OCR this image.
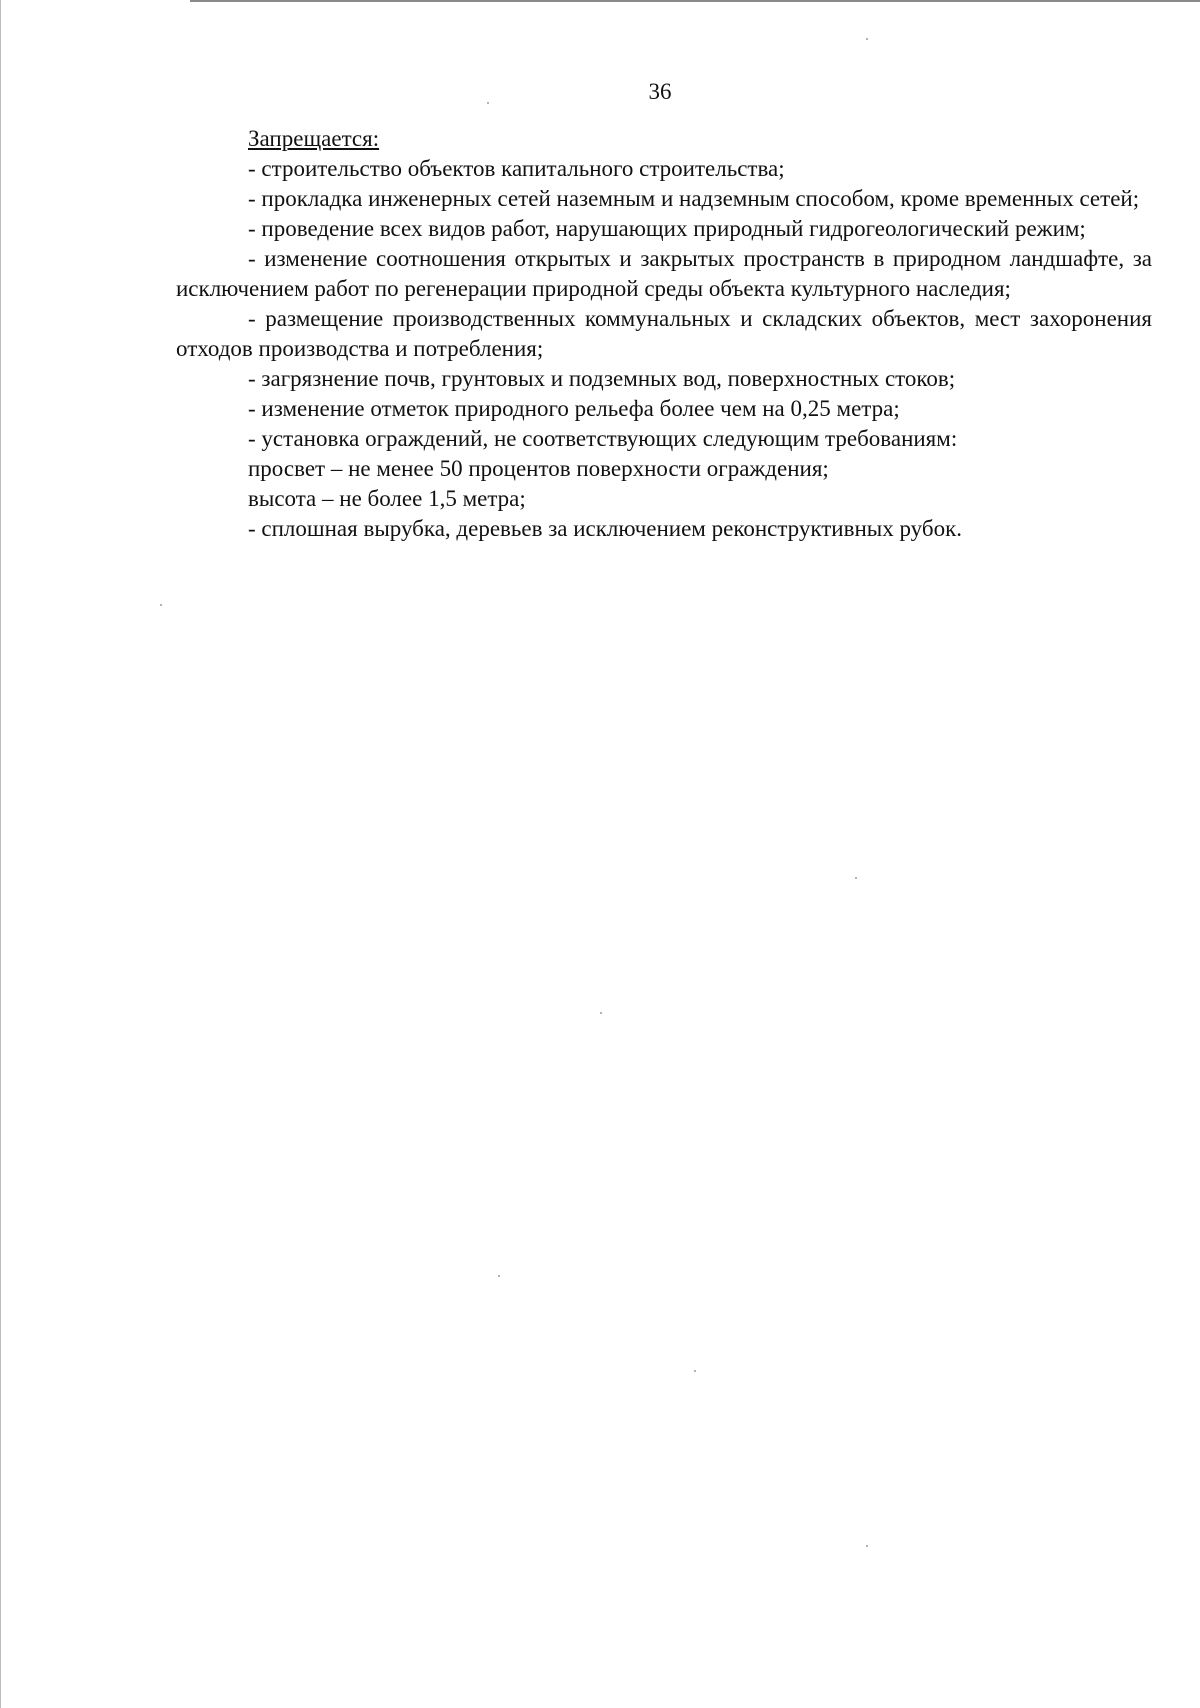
36
Запрещается:

- строительство объектов капитального строительства;

- прокладка инженерных сетей наземным и надземным способом, кроме временных сетей;

- проведение всех видов работ, нарушающих природный гидрогеологический режим;

- изменение соотношения открытых и закрытых пространств в природном ландшафте, за исключением работ по регенерации природной среды объекта культурного наследия;

- размещение производственных коммунальных и складских объектов, мест захоронения отходов производства и потребления;

- загрязнение почв, грунтовых и подземных вод, поверхностных стоков;

- изменение отметок природного рельефа более чем на 0,25 метра;

- установка ограждений, не соответствующих следующим требованиям:

просвет – не менее 50 процентов поверхности ограждения;

высота – не более 1,5 метра;

- сплошная вырубка, деревьев за исключением реконструктивных рубок.
